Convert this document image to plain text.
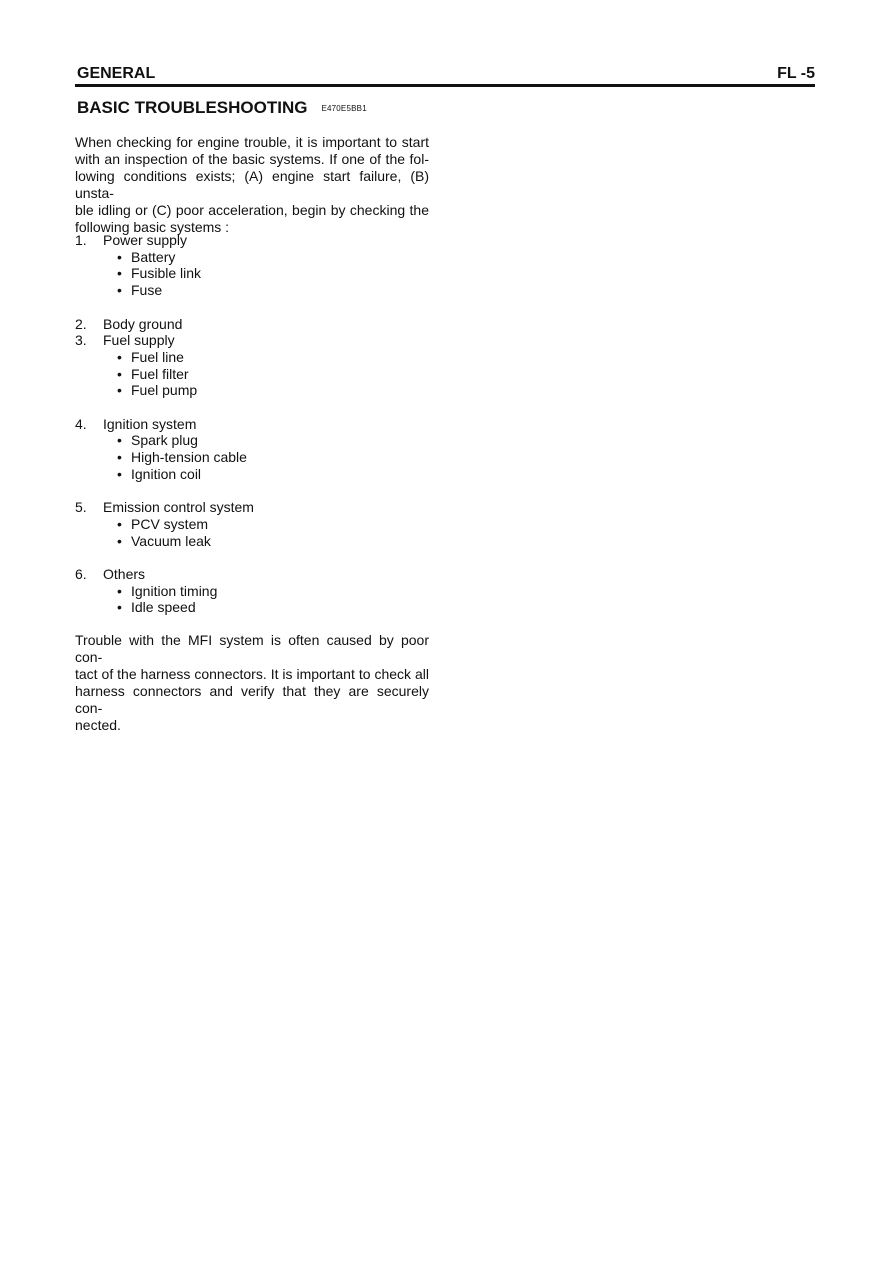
GENERAL	FL -5
BASIC TROUBLESHOOTING E470E5BB1

When checking for engine trouble, it is important to start
with an inspection of the basic systems. If one of the fol-
lowing conditions exists; (A) engine start failure, (B) unsta-
ble idling or (C) poor acceleration, begin by checking the
following basic systems :

1. Power supply
• Battery
• Fusible link
• Fuse
2. Body ground
3. Fuel supply
• Fuel line
• Fuel filter
• Fuel pump
4. Ignition system
• Spark plug
• High-tension cable
• Ignition coil
5. Emission control system
• PCV system
• Vacuum leak
6. Others
• Ignition timing
• Idle speed

Trouble with the MFI system is often caused by poor con-
tact of the harness connectors. It is important to check all
harness connectors and verify that they are securely con-
nected.
